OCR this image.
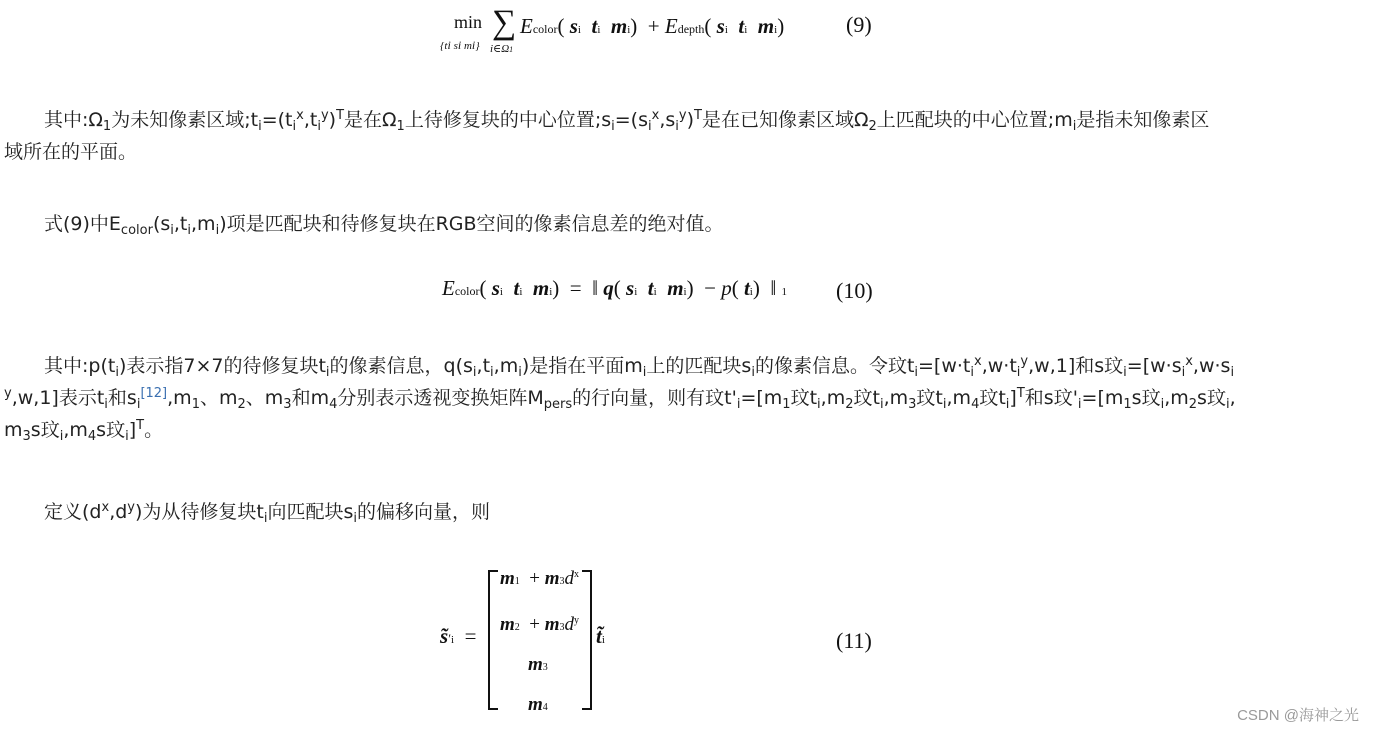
min
{ti si mi}
∑
i∈Ω1
Ecolor( si ti mi)  + Edepth( si ti mi)	(9)
其中$:\Omega_1$为未知像素区域$;t_i=(t_i^x,t_i^y)^T$是在$\Omega_1$上待修复块的中心位置$;s_i=(s_i^x,s_i^y)^T$是在已知像素区域$\Omega_2$上匹配块的中心位置$;m_i$是指未知像素区
域所在的平面。
式(9)中$E_{color}(s_i,t_i,m_i)$项是匹配块和待修复块在RGB空间的像素信息差的绝对值。
Ecolor( si ti mi)  =  ‖ q( si ti mi)  − p( ti)  ‖ 1 (10)
其中$:p(t_i)$表示指7×7的待修复块$t_i$的像素信息，$q(s_i,t_i,m_i)$是指在平面$m_i$上的匹配块$s_i$的像素信息。令玟$t_i=[w\cdot t_i^x,w\cdot t_i^y,w,1]$和s玟$_i=[w\cdot s_i^x,w\cdot s_i$
$^y$,w,1]表示$t_i$和$s_i[12],m_1$、$m_2$、$m_3$和$m_4$分别表示透视变换矩阵$M_{pers}$的行向量，则有玟$t'_i=[m_1$玟$t_i,m_2$玟$t_i,m_3$玟$t_i,m_4$玟$t_i]^T$和s玟'$_i=[m_1s$玟$_i,m_2s$玟$_i$,
$m_3s$玟$_i,m_4s$玟$_i$]$^T$。
定义$(d^x,d^y)$为从待修复块$t_i$向匹配块$s_i$的偏移向量，则
s̃′i  =
$m1 + m3d^x$
$m2 + m3d^y$
m3
m4
t̃i	(11)
CSDN @海神之光
